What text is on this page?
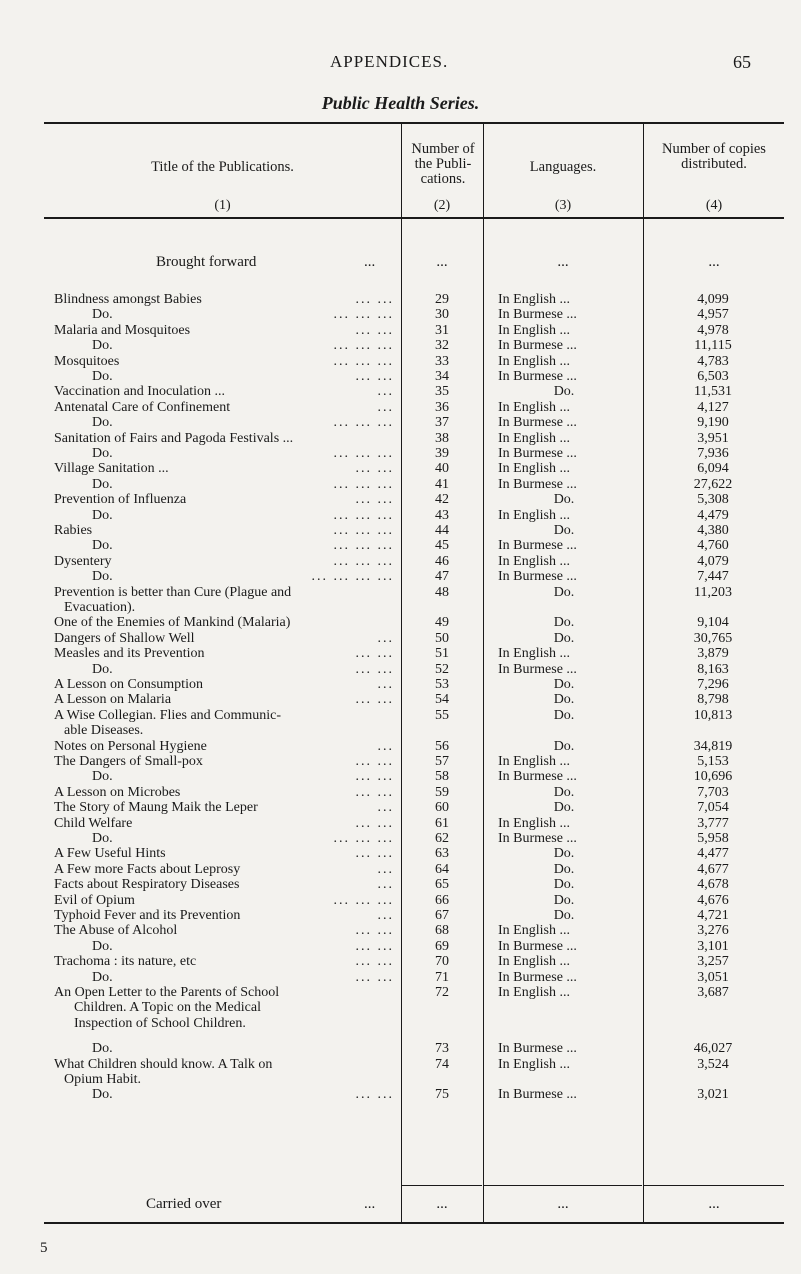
APPENDICES.	65
Public Health Series.
Title of the Publications.
Number of the Publi- cations.
Languages.
Number of copies distributed.
(1)	(2)	(3)	(4)
Brought forward	...	...	...	...
Blindness amongst Babies	... ...	29	In English ...	4,099
Do.	... ... ...	30	In Burmese ...	4,957
Malaria and Mosquitoes	... ...	31	In English ...	4,978
Do.	... ... ...	32	In Burmese ...	11,115
Mosquitoes	... ... ...	33	In English ...	4,783
Do.	... ...	34	In Burmese ...	6,503
Vaccination and Inoculation ...	...	35	Do.	11,531
Antenatal Care of Confinement	...	36	In English ...	4,127
Do.	... ... ...	37	In Burmese ...	9,190
Sanitation of Fairs and Pagoda Festivals ...	38	In English ...	3,951
Do.	... ... ...	39	In Burmese ...	7,936
Village Sanitation ...	... ...	40	In English ...	6,094
Do.	... ... ...	41	In Burmese ...	27,622
Prevention of Influenza	... ...	42	Do.	5,308
Do.	... ... ...	43	In English ...	4,479
Rabies	... ... ...	44	Do.	4,380
Do.	... ... ...	45	In Burmese ...	4,760
Dysentery	... ... ...	46	In English ...	4,079
Do.	... ... ... ...	47	In Burmese ...	7,447
Prevention is better than Cure (Plague and
Evacuation).
48	Do.	11,203
One of the Enemies of Mankind (Malaria)	49	Do.	9,104
Dangers of Shallow Well	...	50	Do.	30,765
Measles and its Prevention	... ...	51	In English ...	3,879
Do.	... ...	52	In Burmese ...	8,163
A Lesson on Consumption	...	53	Do.	7,296
A Lesson on Malaria	... ...	54	Do.	8,798
A Wise Collegian. Flies and Communic-
able Diseases.
55	Do.	10,813
Notes on Personal Hygiene	...	56	Do.	34,819
The Dangers of Small-pox	... ...	57	In English ...	5,153
Do.	... ...	58	In Burmese ...	10,696
A Lesson on Microbes	... ...	59	Do.	7,703
The Story of Maung Maik the Leper	...	60	Do.	7,054
Child Welfare	... ...	61	In English ...	3,777
Do.	... ... ...	62	In Burmese ...	5,958
A Few Useful Hints	... ...	63	Do.	4,477
A Few more Facts about Leprosy	...	64	Do.	4,677
Facts about Respiratory Diseases	...	65	Do.	4,678
Evil of Opium	... ... ...	66	Do.	4,676
Typhoid Fever and its Prevention	...	67	Do.	4,721
The Abuse of Alcohol	... ...	68	In English ...	3,276
Do.	... ...	69	In Burmese ...	3,101
Trachoma : its nature, etc	... ...	70	In English ...	3,257
Do.	... ...	71	In Burmese ...	3,051
An Open Letter to the Parents of School
Children. A Topic on the Medical
Inspection of School Children.
72	In English ...	3,687
Do.	73	In Burmese ...	46,027
What Children should know. A Talk on
Opium Habit.
74	In English ...	3,524
Do.	... ...	75	In Burmese ...	3,021
Carried over	...	...	...	...
5
